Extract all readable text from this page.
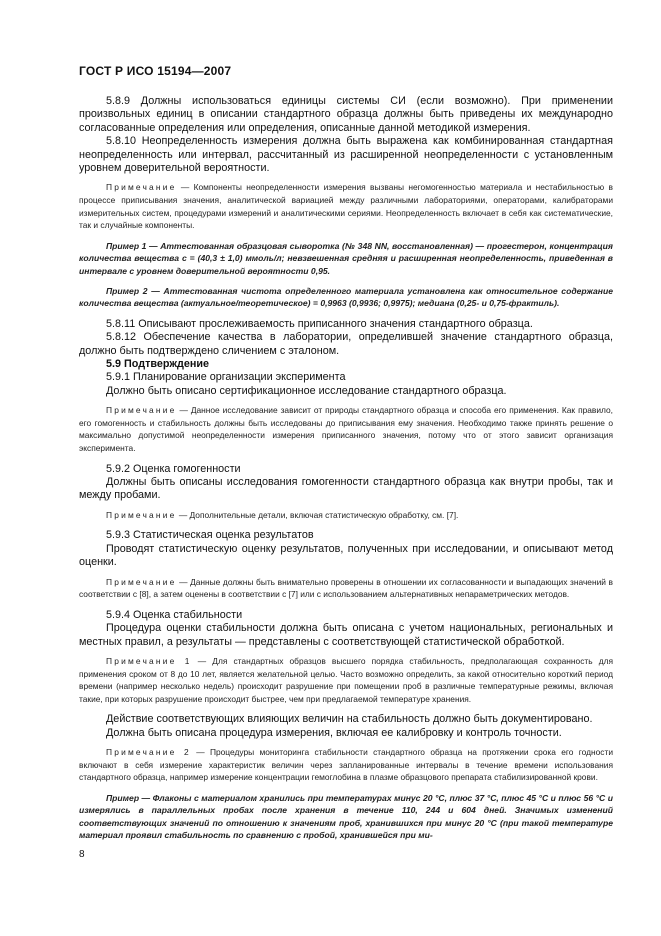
ГОСТ Р ИСО 15194—2007

5.8.9 Должны использоваться единицы системы СИ (если возможно). При применении произвольных единиц в описании стандартного образца должны быть приведены их международно согласованные определения или определения, описанные данной методикой измерения.

5.8.10 Неопределенность измерения должна быть выражена как комбинированная стандартная неопределенность или интервал, рассчитанный из расширенной неопределенности с установленным уровнем доверительной вероятности.

Примечание — Компоненты неопределенности измерения вызваны негомогенностью материала и нестабильностью в процессе приписывания значения, аналитической вариацией между различными лабораториями, операторами, калибраторами измерительных систем, процедурами измерений и аналитическими сериями. Неопределенность включает в себя как систематические, так и случайные компоненты.

Пример 1 — Аттестованная образцовая сыворотка (№ 348 NN, восстановленная) — прогестерон, концентрация количества вещества c = (40,3 ± 1,0) ммоль/л; невзвешенная средняя и расширенная неопределенность, приведенная в интервале с уровнем доверительной вероятности 0,95.

Пример 2 — Аттестованная чистота определенного материала установлена как относительное содержание количества вещества (актуальное/теоретическое) = 0,9963 (0,9936; 0,9975); медиана (0,25- и 0,75-фрактиль).

5.8.11 Описывают прослеживаемость приписанного значения стандартного образца.

5.8.12 Обеспечение качества в лаборатории, определившей значение стандартного образца, должно быть подтверждено сличением с эталоном.

5.9 Подтверждение

5.9.1 Планирование организации эксперимента

Должно быть описано сертификационное исследование стандартного образца.

Примечание — Данное исследование зависит от природы стандартного образца и способа его применения. Как правило, его гомогенность и стабильность должны быть исследованы до приписывания ему значения. Необходимо также принять решение о максимально допустимой неопределенности измерения приписанного значения, потому что от этого зависит организация эксперимента.

5.9.2 Оценка гомогенности

Должны быть описаны исследования гомогенности стандартного образца как внутри пробы, так и между пробами.

Примечание — Дополнительные детали, включая статистическую обработку, см. [7].

5.9.3 Статистическая оценка результатов

Проводят статистическую оценку результатов, полученных при исследовании, и описывают метод оценки.

Примечание — Данные должны быть внимательно проверены в отношении их согласованности и выпадающих значений в соответствии с [8], а затем оценены в соответствии с [7] или с использованием альтернативных непараметрических методов.

5.9.4 Оценка стабильности

Процедура оценки стабильности должна быть описана с учетом национальных, региональных и местных правил, а результаты — представлены с соответствующей статистической обработкой.

Примечание 1 — Для стандартных образцов высшего порядка стабильность, предполагающая сохранность для применения сроком от 8 до 10 лет, является желательной целью. Часто возможно определить, за какой относительно короткий период времени (например несколько недель) происходит разрушение при помещении проб в различные температурные режимы, включая такие, при которых разрушение происходит быстрее, чем при предлагаемой температуре хранения.

Действие соответствующих влияющих величин на стабильность должно быть документировано.

Должна быть описана процедура измерения, включая ее калибровку и контроль точности.

Примечание 2 — Процедуры мониторинга стабильности стандартного образца на протяжении срока его годности включают в себя измерение характеристик величин через запланированные интервалы в течение времени использования стандартного образца, например измерение концентрации гемоглобина в плазме образцового препарата стабилизированной крови.

Пример — Флаконы с материалом хранились при температурах минус 20 °C, плюс 37 °C, плюс 45 °C и плюс 56 °C и измерялись в параллельных пробах после хранения в течение 110, 244 и 604 дней. Значимых изменений соответствующих значений по отношению к значениям проб, хранившихся при минус 20 °C (при такой температуре материал проявил стабильность по сравнению с пробой, хранившейся при ми-

8
